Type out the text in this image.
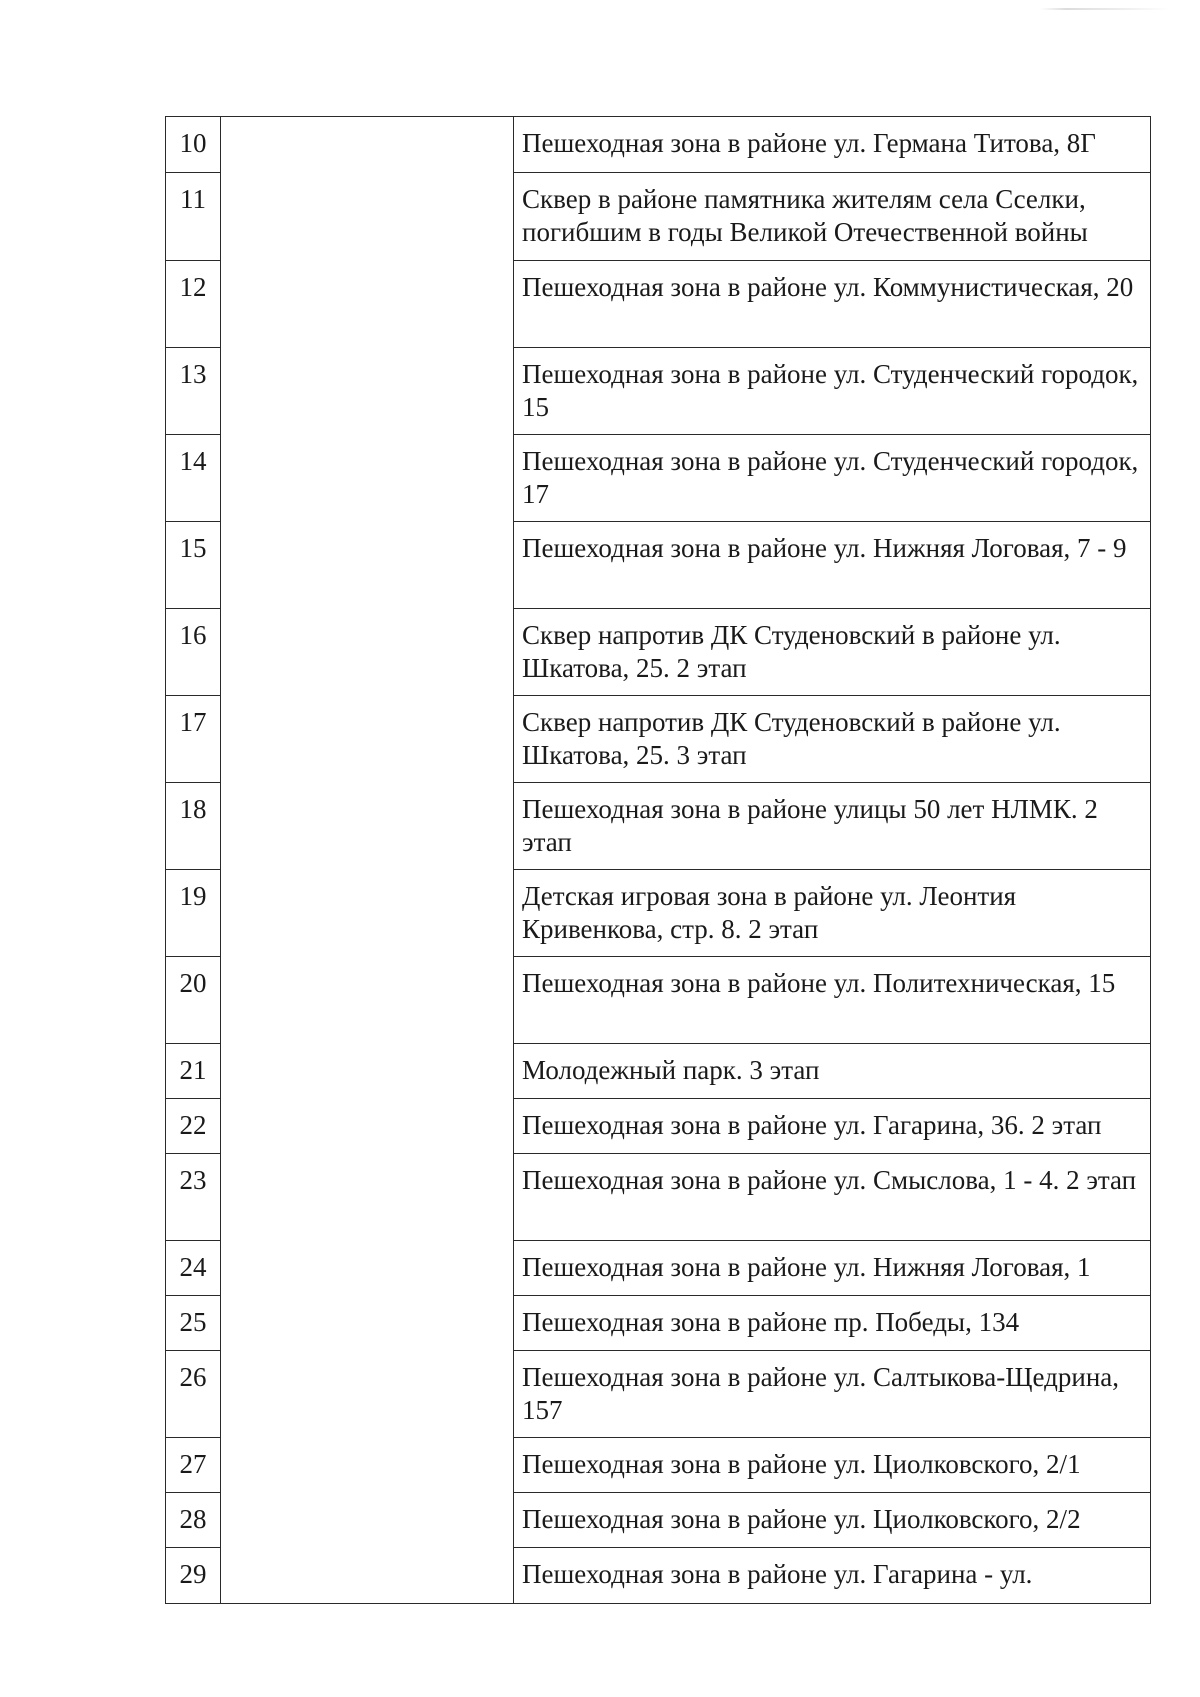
10		Пешеходная зона в районе ул. Германа Титова, 8Г
11		Сквер в районе памятника жителям села Сселки, погибшим в годы Великой Отечественной войны
12		Пешеходная зона в районе ул. Коммунистическая, 20
13		Пешеходная зона в районе ул. Студенческий городок, 15
14		Пешеходная зона в районе ул. Студенческий городок, 17
15		Пешеходная зона в районе ул. Нижняя Логовая, 7 - 9
16		Сквер напротив ДК Студеновский в районе ул. Шкатова, 25. 2 этап
17		Сквер напротив ДК Студеновский в районе ул. Шкатова, 25. 3 этап
18		Пешеходная зона в районе улицы 50 лет НЛМК. 2 этап
19		Детская игровая зона в районе ул. Леонтия Кривенкова, стр. 8. 2 этап
20		Пешеходная зона в районе ул. Политехническая, 15
21		Молодежный парк. 3 этап
22		Пешеходная зона в районе ул. Гагарина, 36. 2 этап
23		Пешеходная зона в районе ул. Смыслова, 1 - 4. 2 этап
24		Пешеходная зона в районе ул. Нижняя Логовая, 1
25		Пешеходная зона в районе пр. Победы, 134
26		Пешеходная зона в районе ул. Салтыкова-Щедрина, 157
27		Пешеходная зона в районе ул. Циолковского, 2/1
28		Пешеходная зона в районе ул. Циолковского, 2/2
29		Пешеходная зона в районе ул. Гагарина - ул.
